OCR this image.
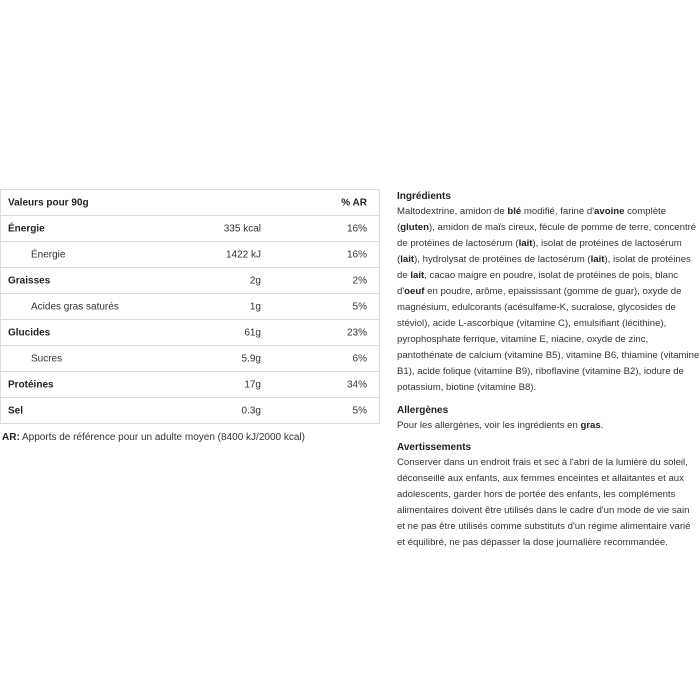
Valeurs pour 90g	% AR
Énergie	335 kcal	16%
Énergie	1422 kJ	16%
Graisses	2g	2%
Acides gras saturés	1g	5%
Glucides	61g	23%
Sucres	5.9g	6%
Protéines	17g	34%
Sel	0.3g	5%
AR: Apports de référence pour un adulte moyen (8400 kJ/2000 kcal)
Ingrédients

Maltodextrine, amidon de blé modifié, farine d'avoine complète

(gluten), amidon de maïs cireux, fécule de pomme de terre, concentré

de protéines de lactosérum (lait), isolat de protéines de lactosérum

(lait), hydrolysat de protéines de lactosérum (lait), isolat de protéines

de lait, cacao maigre en poudre, isolat de protéines de pois, blanc

d'oeuf en poudre, arôme, epaississant (gomme de guar), oxyde de

magnésium, edulcorants (acésulfame-K, sucralose, glycosides de

stéviol), acide L-ascorbique (vitamine C), emulsifiant (lécithine),

pyrophosphate ferrique, vitamine E, niacine, oxyde de zinc,

pantothénate de calcium (vitamine B5), vitamine B6, thiamine (vitamine

B1), acide folique (vitamine B9), riboflavine (vitamine B2), iodure de

potassium, biotine (vitamine B8).

Allergènes

Pour les allergènes, voir les ingrédients en gras.

Avertissements

Conserver dans un endroit frais et sec à l'abri de la lumière du soleil,

déconseillé aux enfants, aux femmes enceintes et allaitantes et aux

adolescents, garder hors de portée des enfants, les compléments

alimentaires doivent être utilisés dans le cadre d'un mode de vie sain

et ne pas être utilisés comme substituts d'un régime alimentaire varié

et équilibré, ne pas dépasser la dose journalière recommandée.
